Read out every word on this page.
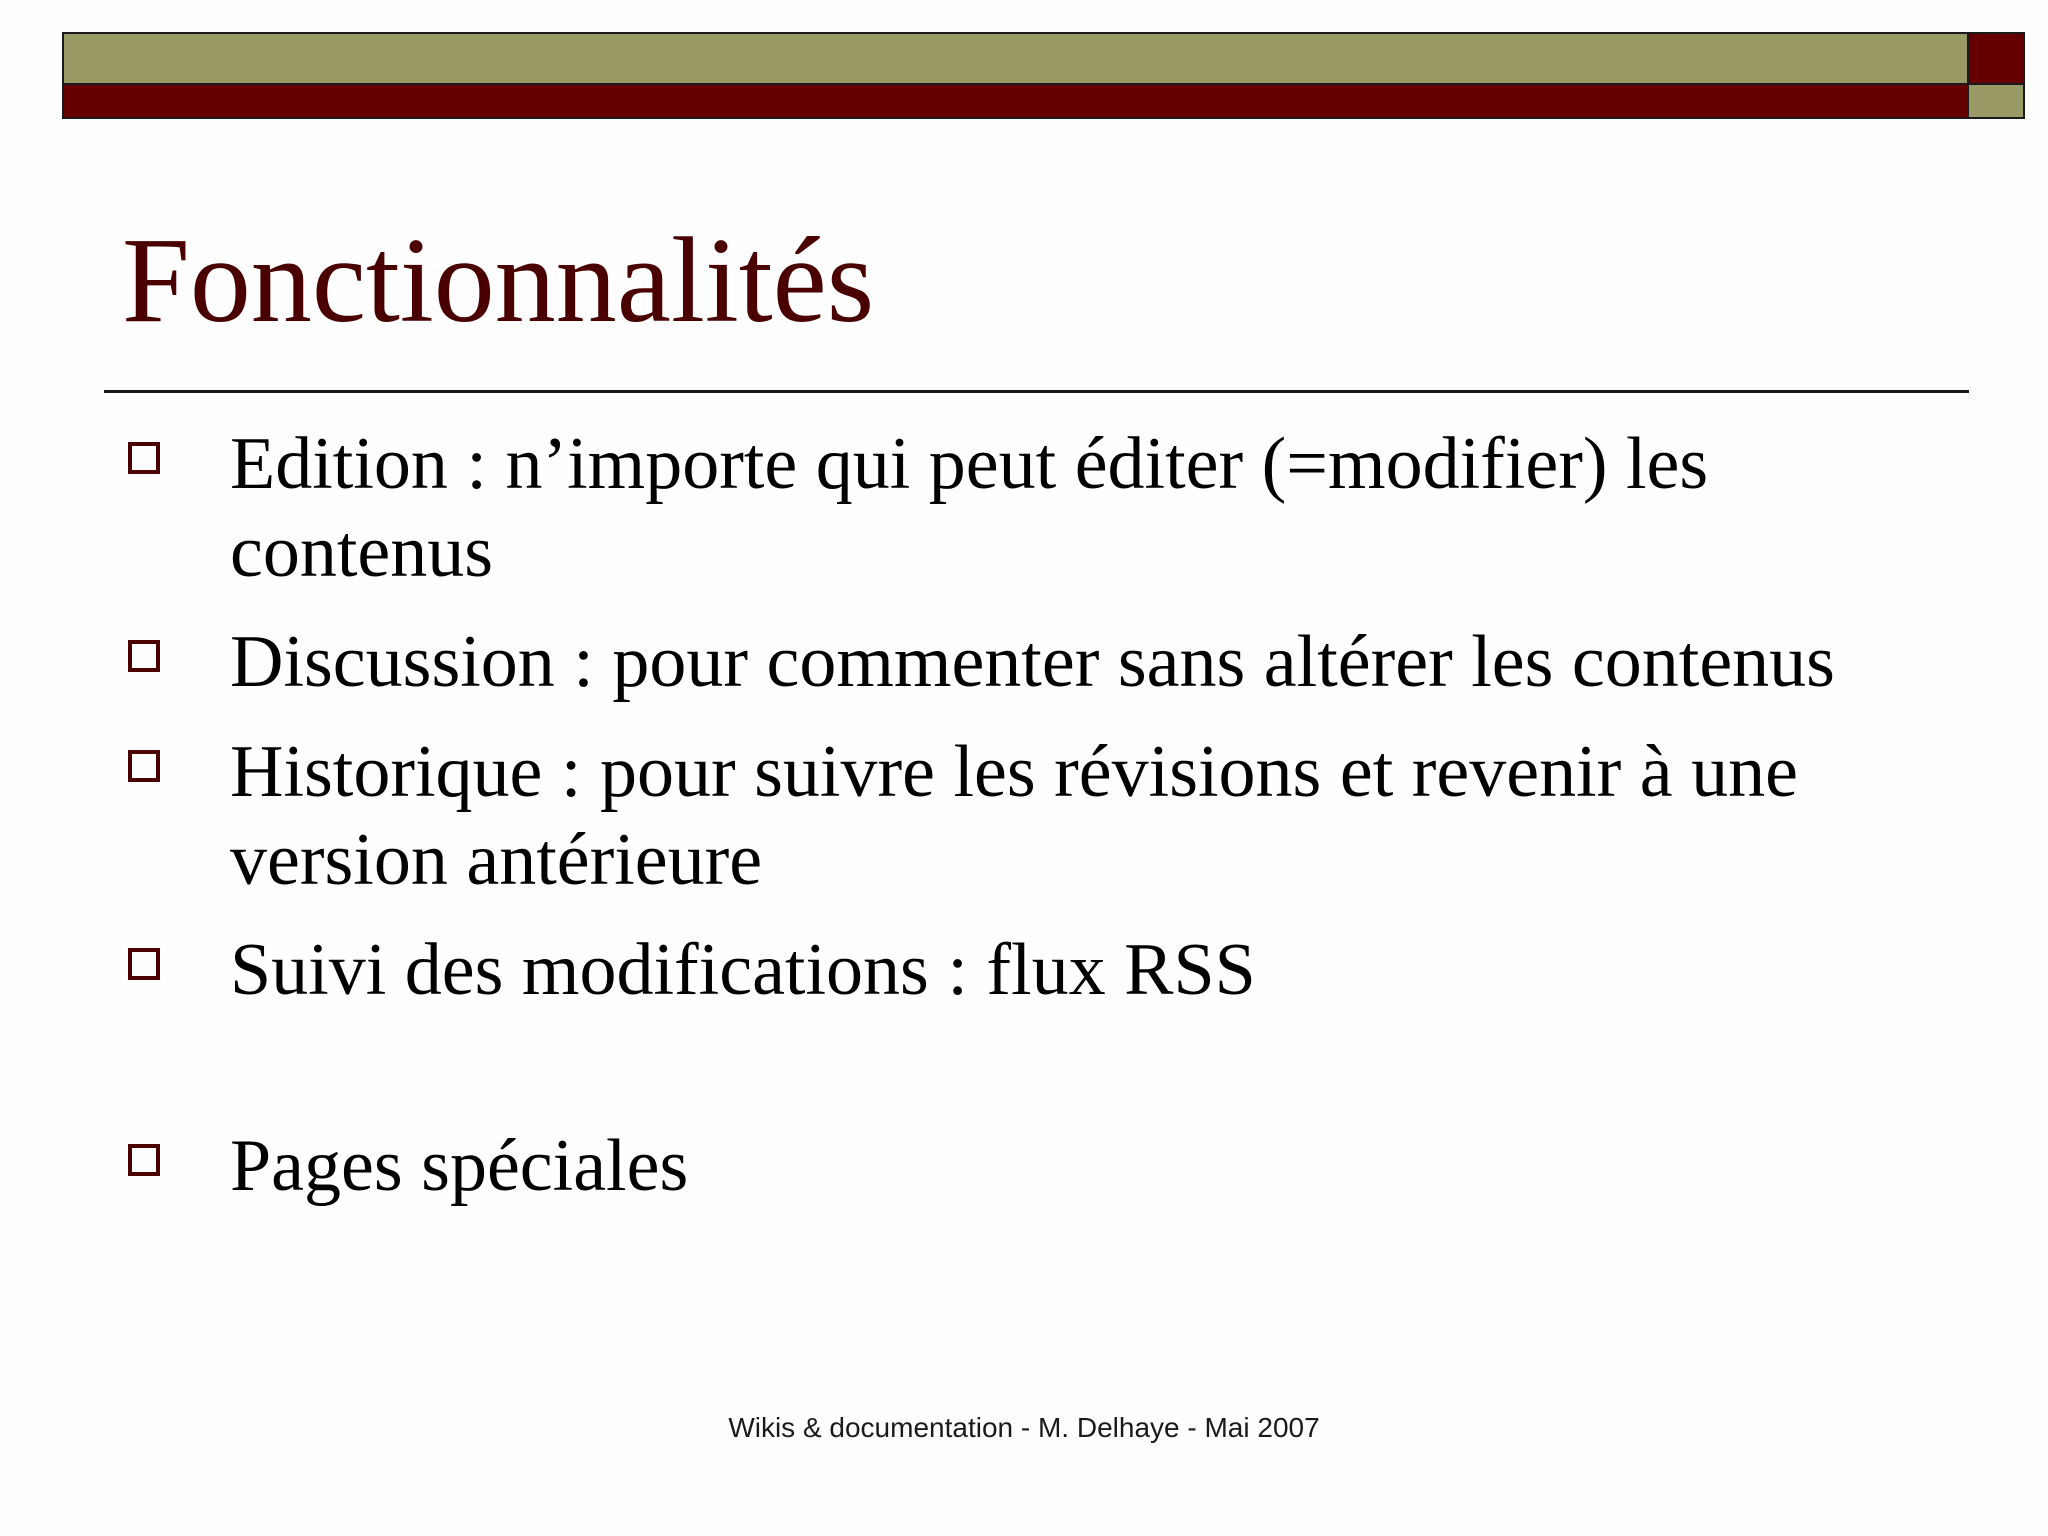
Fonctionnalités
Edition : n’importe qui peut éditer (=modifier) les contenus
Discussion : pour commenter sans altérer les contenus
Historique : pour suivre les révisions et revenir à une version antérieure
Suivi des modifications : flux RSS
Pages spéciales
Wikis & documentation - M. Delhaye - Mai 2007
